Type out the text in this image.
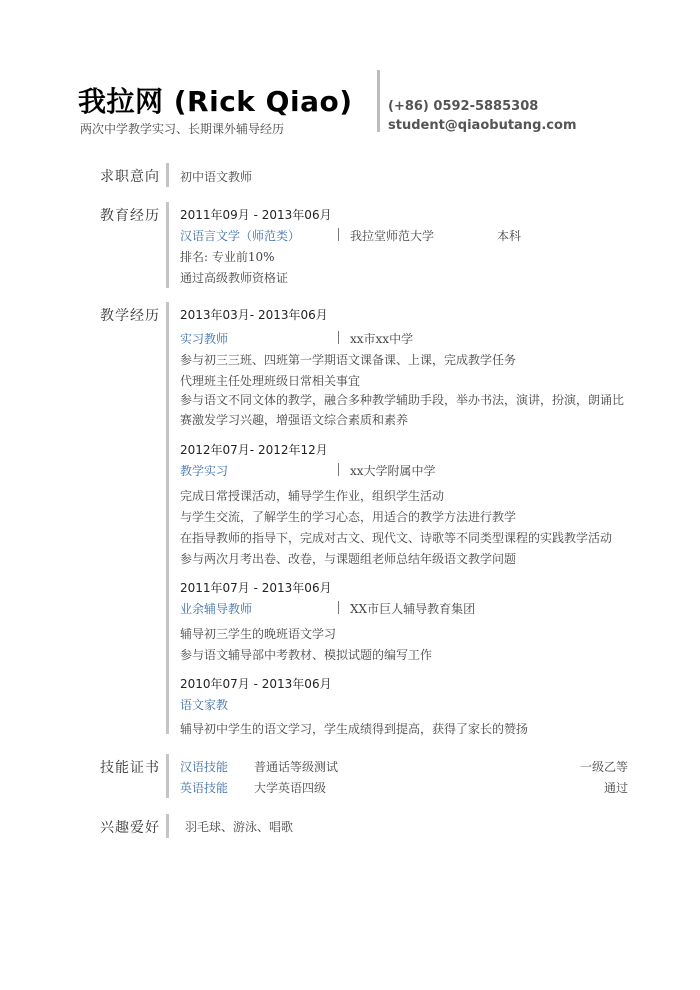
我拉网 (Rick Qiao)
两次中学教学实习、长期课外辅导经历
(+86) 0592-5885308
student@qiaobutang.com
求职意向 初中语文教师
教育经历 2011年09月 - 2013年06月
汉语言文学（师范类）	我拉堂师范大学	本科
排名: 专业前10%
通过高级教师资格证
教学经历 2013年03月- 2013年06月
实习教师	xx市xx中学
参与初三三班、四班第一学期语文课备课、上课，完成教学任务
代理班主任处理班级日常相关事宜
参与语文不同文体的教学，融合多种教学辅助手段，举办书法，演讲，扮演，朗诵比赛激发学习兴趣，增强语文综合素质和素养
2012年07月- 2012年12月
教学实习	xx大学附属中学
完成日常授课活动，辅导学生作业，组织学生活动
与学生交流，了解学生的学习心态，用适合的教学方法进行教学
在指导教师的指导下，完成对古文、现代文、诗歌等不同类型课程的实践教学活动
参与两次月考出卷、改卷，与课题组老师总结年级语文教学问题
2011年07月 - 2013年06月
业余辅导教师	XX市巨人辅导教育集团
辅导初三学生的晚班语文学习
参与语文辅导部中考教材、模拟试题的编写工作
2010年07月 - 2013年06月
语文家教
辅导初中学生的语文学习，学生成绩得到提高，获得了家长的赞扬
技能证书 汉语技能 普通话等级测试	一级乙等
英语技能 大学英语四级	通过
兴趣爱好 羽毛球、游泳、唱歌
